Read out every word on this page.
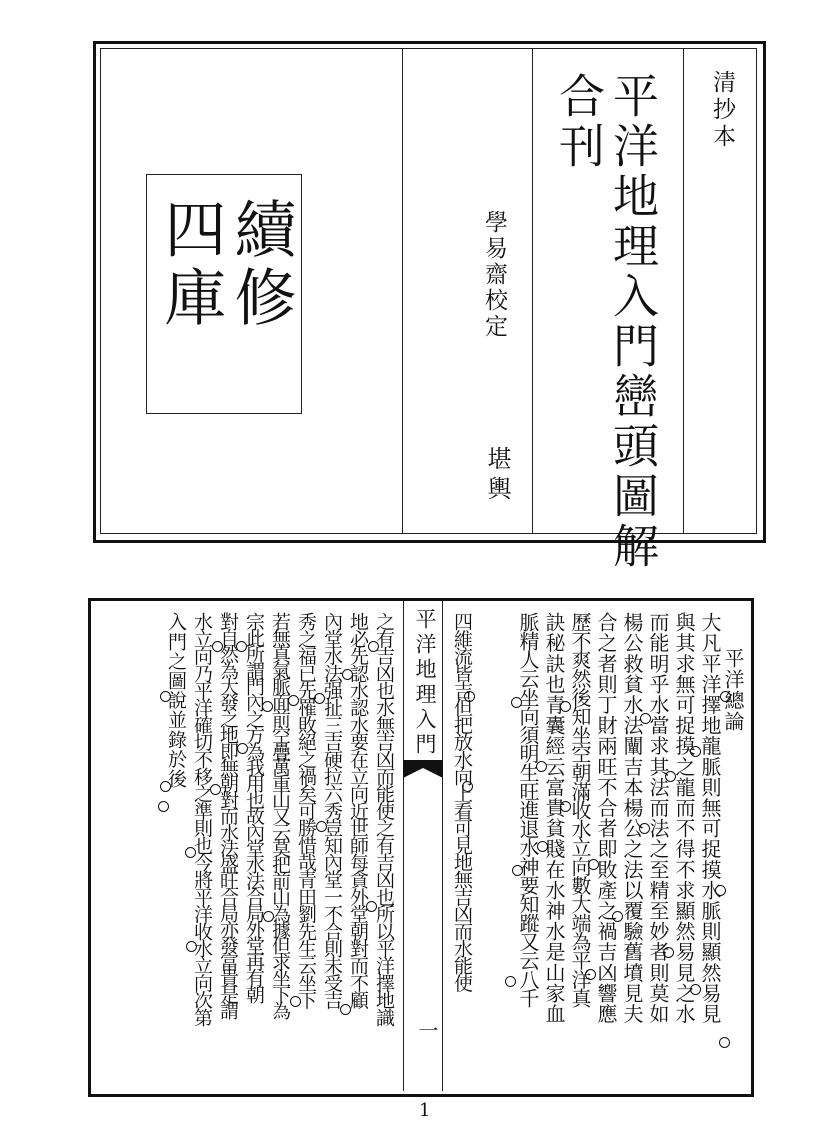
清抄本
平洋地理入門巒頭圖解
合刊
學易齋校定
堪輿
續修
四庫
平洋地理入門
一
平洋總論
大凡平洋擇地龍脈則無可捉摸水脈則顯然易見
與其求無可捉摸之龍而不得不求顯然易見之水
而能明乎水當求其法而法之至精至妙者則莫如
楊公救貧水法闡吉本楊公之法以覆驗舊墳見夫
合之者則丁財兩旺不合者即敗產之禍吉凶響應
歷不爽然後知坐空朝滿收水立向數大端為平洋真
訣秘訣也青囊經云富貴貧賤在水神水是山家血
脈精人云坐向須明生旺進退水神要知蹤又云八千
四維流皆吉但把放水向上看可見地無吉凶而水能使
之有吉凶也水無吉凶而能使之有吉凶也所以平洋擇地識
地必先認水認水要在立向近世師每貪外堂朝對而不顧
內堂水法强扯三吉硬拉六秀豈知內堂一不合則未受吉
秀之福已先罹敗絕之禍矣可勝惜哉青田劉先生云坐下
若無真氣脈面前空疊萬重山又云莫把前山為據但求坐下為
宗此所謂門內之方為我用也故內堂水法合局外堂再有朝
對自然為大發之地即無朝對而水法盛旺合局亦發富貴是謂
水立向乃平洋確切不移之準則也今將平洋收水立向次第
入門之圖說並錄於後
1
